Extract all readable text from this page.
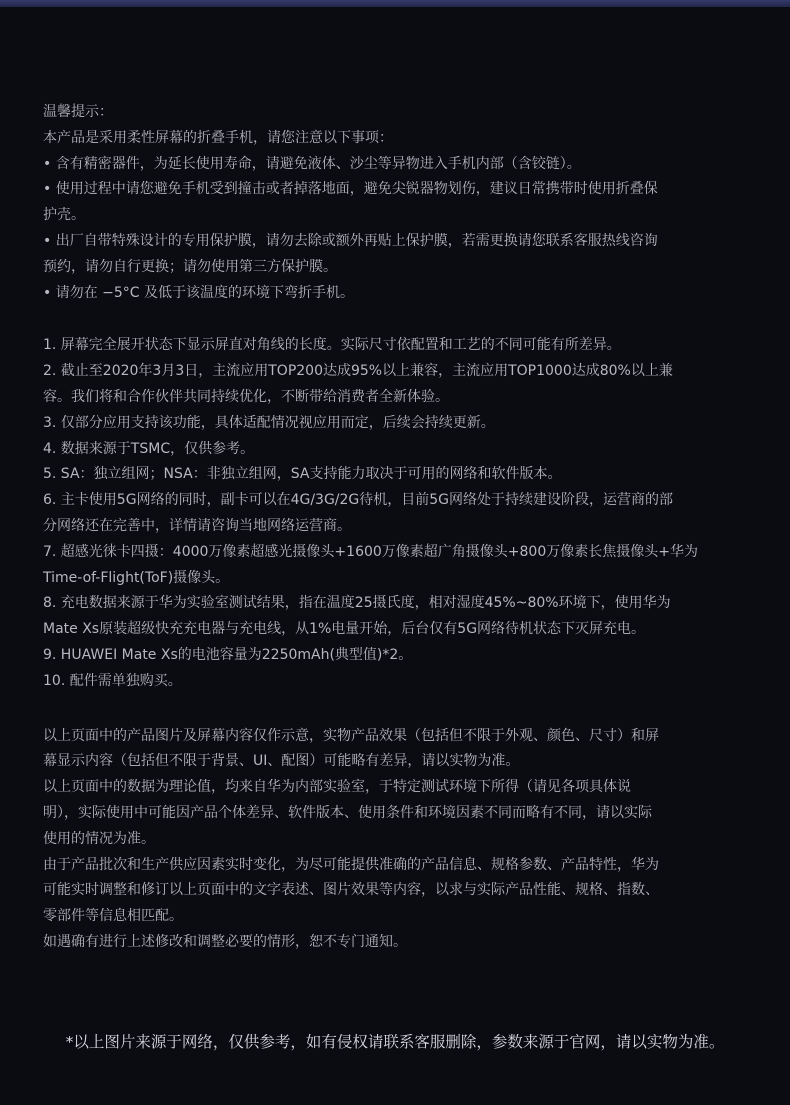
温馨提示：

本产品是采用柔性屏幕的折叠手机，请您注意以下事项：

• 含有精密器件，为延长使用寿命，请避免液体、沙尘等异物进入手机内部（含铰链）。

• 使用过程中请您避免手机受到撞击或者掉落地面，避免尖锐器物划伤，建议日常携带时使用折叠保

护壳。

• 出厂自带特殊设计的专用保护膜，请勿去除或额外再贴上保护膜，若需更换请您联系客服热线咨询

预约，请勿自行更换；请勿使用第三方保护膜。

• 请勿在 −5°C 及低于该温度的环境下弯折手机。

1. 屏幕完全展开状态下显示屏直对角线的长度。实际尺寸依配置和工艺的不同可能有所差异。

2. 截止至2020年3月3日，主流应用TOP200达成95%以上兼容，主流应用TOP1000达成80%以上兼

容。我们将和合作伙伴共同持续优化，不断带给消费者全新体验。

3. 仅部分应用支持该功能，具体适配情况视应用而定，后续会持续更新。

4. 数据来源于TSMC，仅供参考。

5. SA：独立组网；NSA：非独立组网，SA支持能力取决于可用的网络和软件版本。

6. 主卡使用5G网络的同时，副卡可以在4G/3G/2G待机，目前5G网络处于持续建设阶段，运营商的部

分网络还在完善中，详情请咨询当地网络运营商。

7. 超感光徕卡四摄：4000万像素超感光摄像头+1600万像素超广角摄像头+800万像素长焦摄像头+华为

Time-of-Flight(ToF)摄像头。

8. 充电数据来源于华为实验室测试结果，指在温度25摄氏度，相对湿度45%~80%环境下，使用华为

Mate Xs原装超级快充充电器与充电线，从1%电量开始，后台仅有5G网络待机状态下灭屏充电。

9. HUAWEI Mate Xs的电池容量为2250mAh(典型值)*2。

10. 配件需单独购买。

以上页面中的产品图片及屏幕内容仅作示意，实物产品效果（包括但不限于外观、颜色、尺寸）和屏

幕显示内容（包括但不限于背景、UI、配图）可能略有差异，请以实物为准。

以上页面中的数据为理论值，均来自华为内部实验室，于特定测试环境下所得（请见各项具体说

明），实际使用中可能因产品个体差异、软件版本、使用条件和环境因素不同而略有不同，请以实际

使用的情况为准。

由于产品批次和生产供应因素实时变化，为尽可能提供准确的产品信息、规格参数、产品特性，华为

可能实时调整和修订以上页面中的文字表述、图片效果等内容，以求与实际产品性能、规格、指数、

零部件等信息相匹配。

如遇确有进行上述修改和调整必要的情形，恕不专门通知。

*以上图片来源于网络，仅供参考，如有侵权请联系客服删除，参数来源于官网，请以实物为准。
